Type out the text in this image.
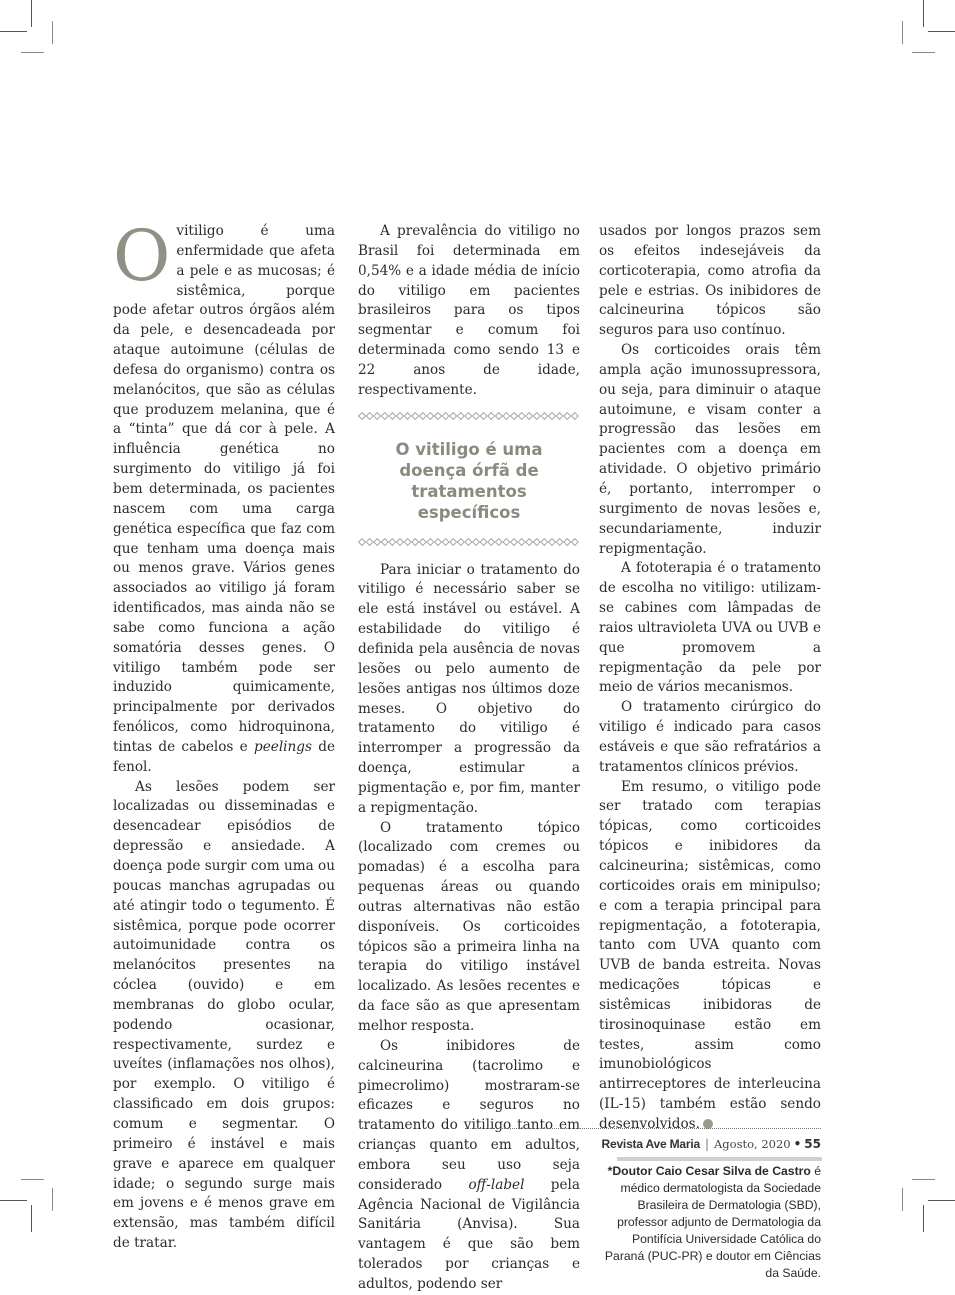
Ovitiligo é uma enfermidade que afeta a pele e as mucosas; é sistêmica, porque pode afetar outros órgãos além da pele, e desencadeada por ataque autoimune (células de defesa do organismo) contra os melanócitos, que são as células que produzem melanina, que é a “tinta” que dá cor à pele. A influência genética no surgimento do vitiligo já foi bem determinada, os pacientes nascem com uma carga genética específica que faz com que tenham uma doença mais ou menos grave. Vários genes associados ao vitiligo já foram identificados, mas ainda não se sabe como funciona a ação somatória desses genes. O vitiligo também pode ser induzido quimicamente, principalmente por derivados fenólicos, como hidroquinona, tintas de cabelos e peelings de fenol.

As lesões podem ser localizadas ou disseminadas e desencadear episódios de depressão e ansiedade. A doença pode surgir com uma ou poucas manchas agrupadas ou até atingir todo o tegumento. É sistêmica, porque pode ocorrer autoimunidade contra os melanócitos presentes na cóclea (ouvido) e em membranas do globo ocular, podendo ocasionar, respectivamente, surdez e uveítes (inflamações nos olhos), por exemplo. O vitiligo é classificado em dois grupos: comum e segmentar. O primeiro é instável e mais grave e aparece em qualquer idade; o segundo surge mais em jovens e é menos grave em extensão, mas também difícil de tratar.

A prevalência do vitiligo no Brasil foi determinada em 0,54% e a idade média de início do vitiligo em pacientes brasileiros para os tipos segmentar e comum foi determinada como sendo 13 e 22 anos de idade, respectivamente.

O vitiligo é uma doença órfã de tratamentos específicos

Para iniciar o tratamento do vitiligo é necessário saber se ele está instável ou estável. A estabilidade do vitiligo é definida pela ausência de novas lesões ou pelo aumento de lesões antigas nos últimos doze meses. O objetivo do tratamento do vitiligo é interromper a progressão da doença, estimular a pigmentação e, por fim, manter a repigmentação.

O tratamento tópico (localizado com cremes ou pomadas) é a escolha para pequenas áreas ou quando outras alternativas não estão disponíveis. Os corticoides tópicos são a primeira linha na terapia do vitiligo instável localizado. As lesões recentes e da face são as que apresentam melhor resposta.

Os inibidores de calcineurina (tacrolimo e pimecrolimo) mostraram-se eficazes e seguros no tratamento do vitiligo tanto em crianças quanto em adultos, embora seu uso seja considerado off-label pela Agência Nacional de Vigilância Sanitária (Anvisa). Sua vantagem é que são bem tolerados por crianças e adultos, podendo ser

usados por longos prazos sem os efeitos indesejáveis da corticoterapia, como atrofia da pele e estrias. Os inibidores de calcineurina tópicos são seguros para uso contínuo.

Os corticoides orais têm ampla ação imunossupressora, ou seja, para diminuir o ataque autoimune, e visam conter a progressão das lesões em pacientes com a doença em atividade. O objetivo primário é, portanto, interromper o surgimento de novas lesões e, secundariamente, induzir repigmentação.

A fototerapia é o tratamento de escolha no vitiligo: utilizam-se cabines com lâmpadas de raios ultravioleta UVA ou UVB e que promovem a repigmentação da pele por meio de vários mecanismos.

O tratamento cirúrgico do vitiligo é indicado para casos estáveis e que são refratários a tratamentos clínicos prévios.

Em resumo, o vitiligo pode ser tratado com terapias tópicas, como corticoides tópicos e inibidores da calcineurina; sistêmicas, como corticoides orais em minipulso; e com a terapia principal para repigmentação, a fototerapia, tanto com UVA quanto com UVB de banda estreita. Novas medicações tópicas e sistêmicas inibidoras de tirosinoquinase estão em testes, assim como imunobiológicos antirreceptores de interleucina (IL-15) também estão sendo desenvolvidos.

*Doutor Caio Cesar Silva de Castro é médico dermatologista da Sociedade Brasileira de Dermatologia (SBD), professor adjunto de Dermatologia da Pontifícia Universidade Católica do Paraná (PUC-PR) e doutor em Ciências da Saúde.
Revista Ave Maria | Agosto, 2020 • 55
